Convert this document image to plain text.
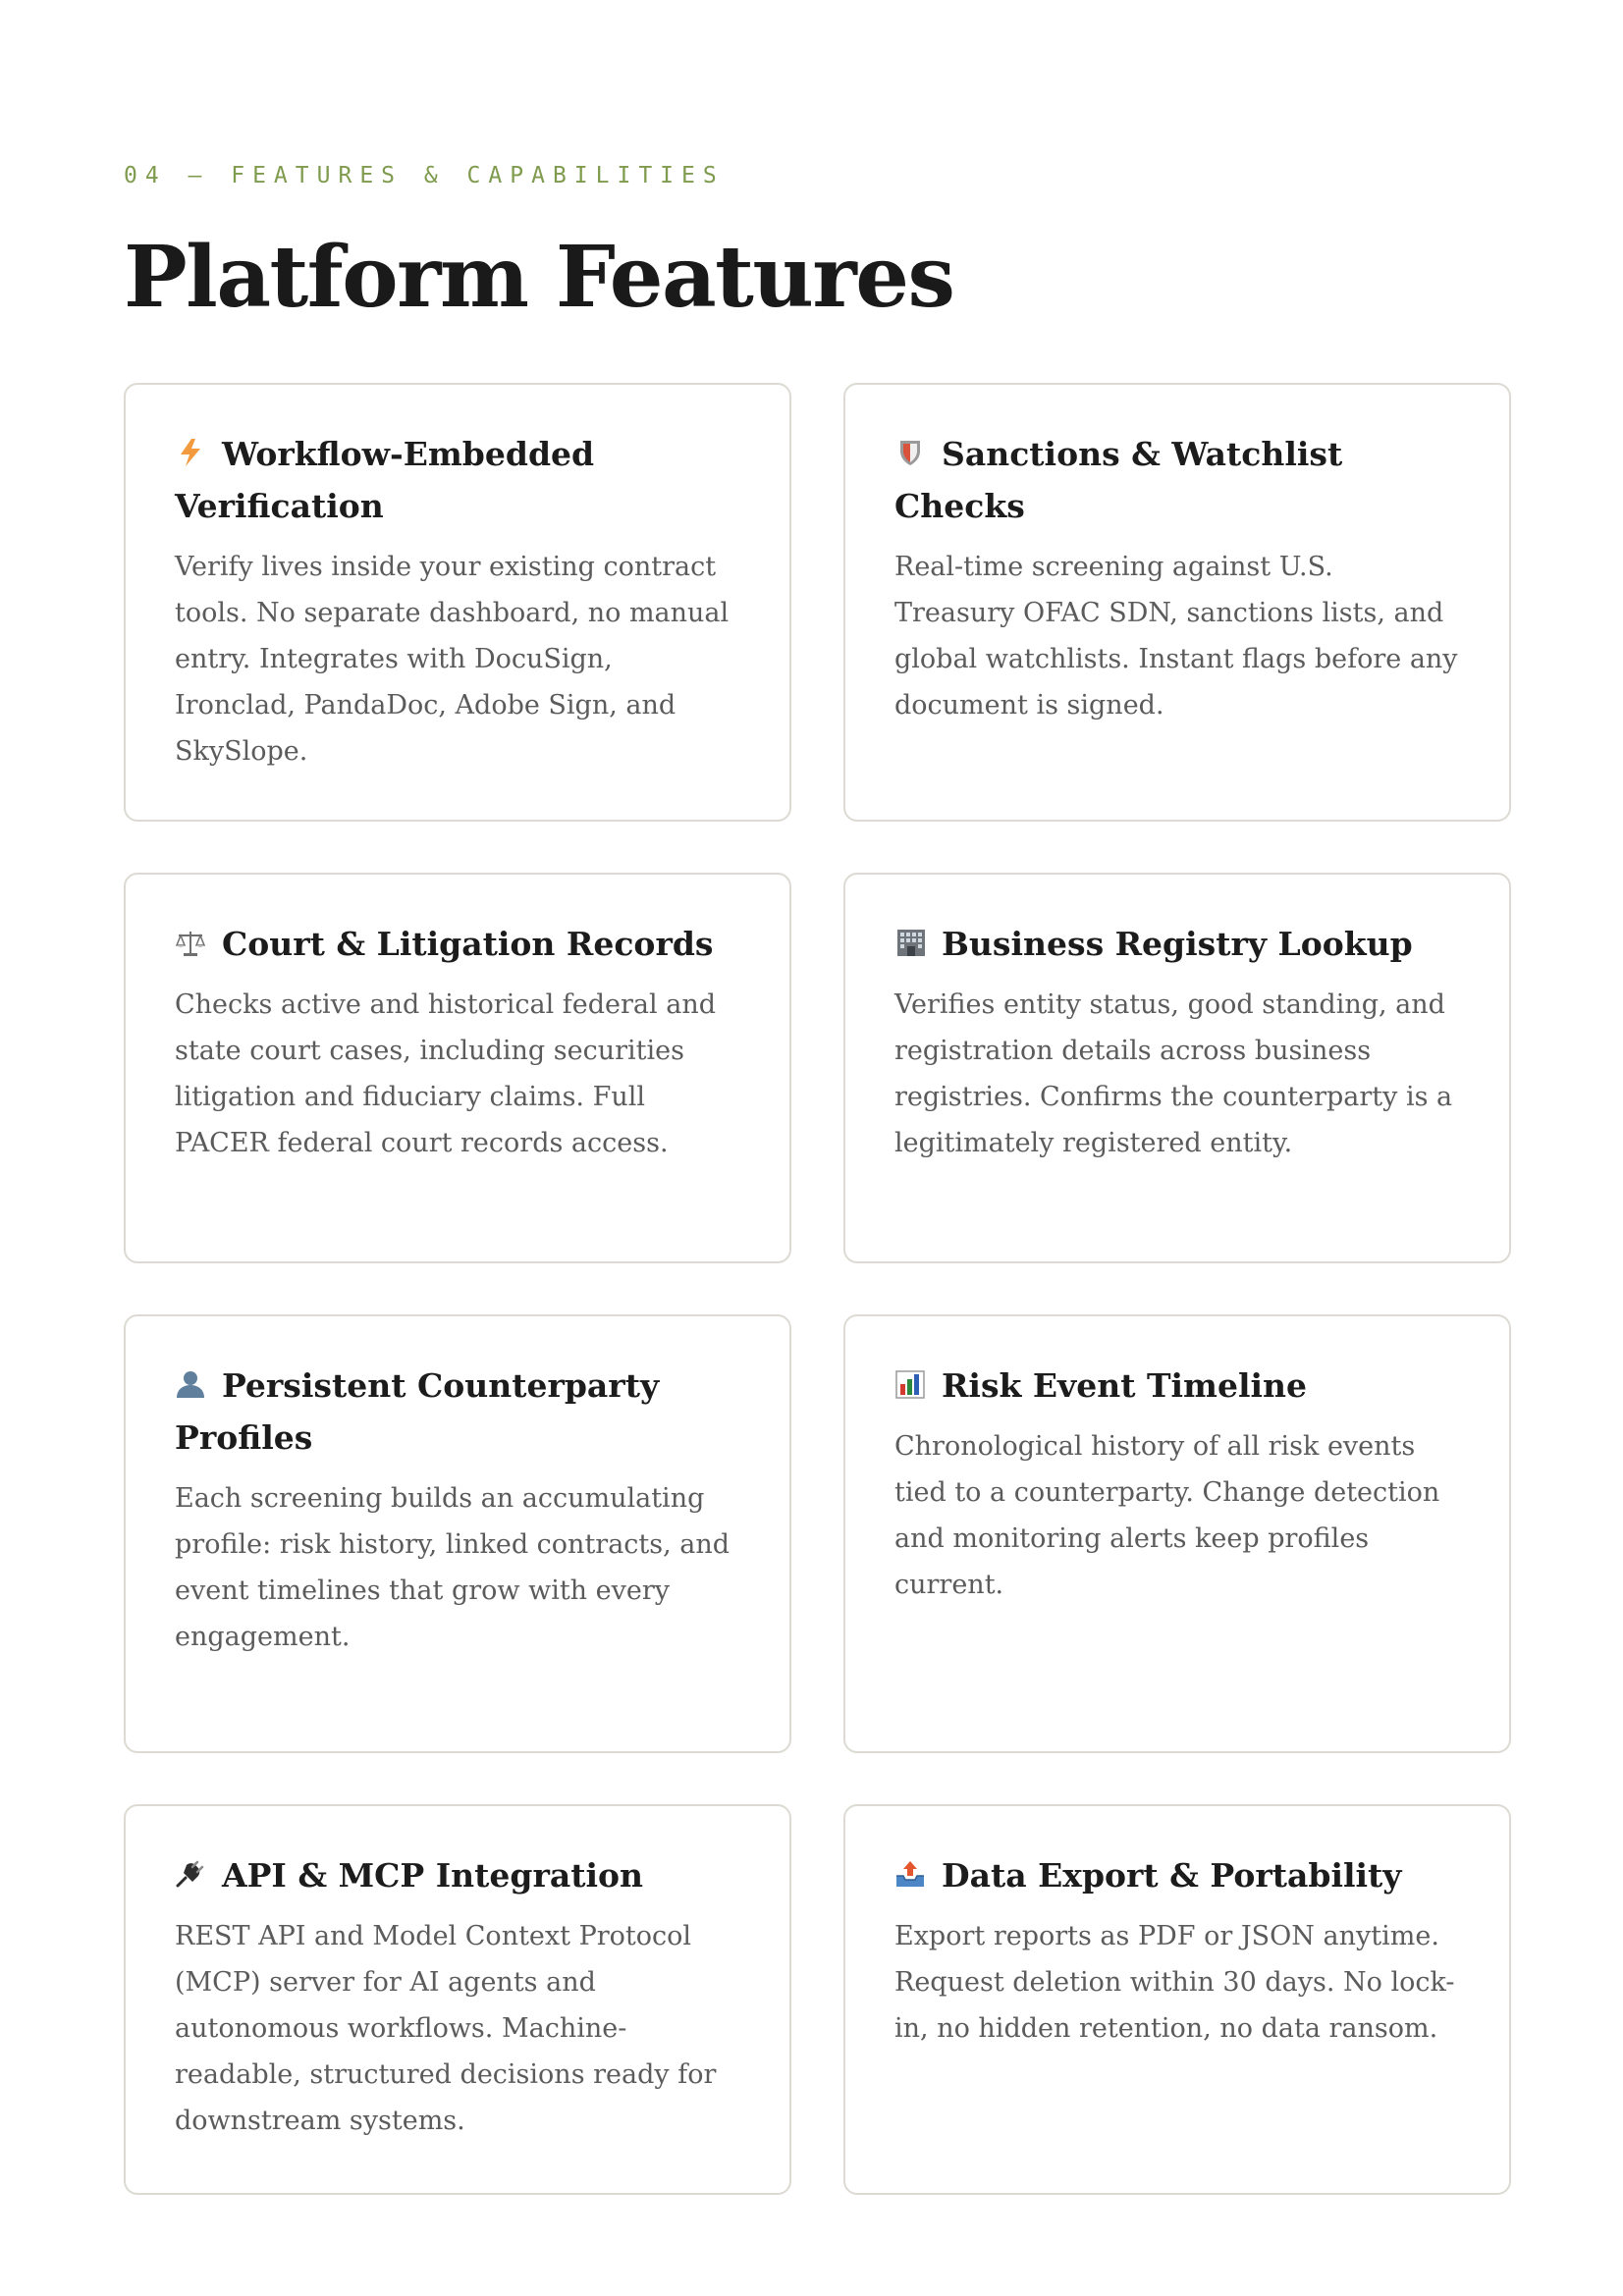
04 — FEATURES & CAPABILITIES
Platform Features
Workflow-Embedded Verification

Verify lives inside your existing contract tools. No separate dashboard, no manual entry. Integrates with DocuSign, Ironclad, PandaDoc, Adobe Sign, and SkySlope.

Sanctions & Watchlist Checks

Real-time screening against U.S. Treasury OFAC SDN, sanctions lists, and global watchlists. Instant flags before any document is signed.

Court & Litigation Records

Checks active and historical federal and state court cases, including securities litigation and fiduciary claims. Full PACER federal court records access.

Business Registry Lookup

Verifies entity status, good standing, and registration details across business registries. Confirms the counterparty is a legitimately registered entity.

Persistent Counterparty Profiles

Each screening builds an accumulating profile: risk history, linked contracts, and event timelines that grow with every engagement.

Risk Event Timeline

Chronological history of all risk events tied to a counterparty. Change detection and monitoring alerts keep profiles current.

API & MCP Integration

REST API and Model Context Protocol (MCP) server for AI agents and autonomous workflows. Machine-readable, structured decisions ready for downstream systems.

Data Export & Portability

Export reports as PDF or JSON anytime. Request deletion within 30 days. No lock-in, no hidden retention, no data ransom.
